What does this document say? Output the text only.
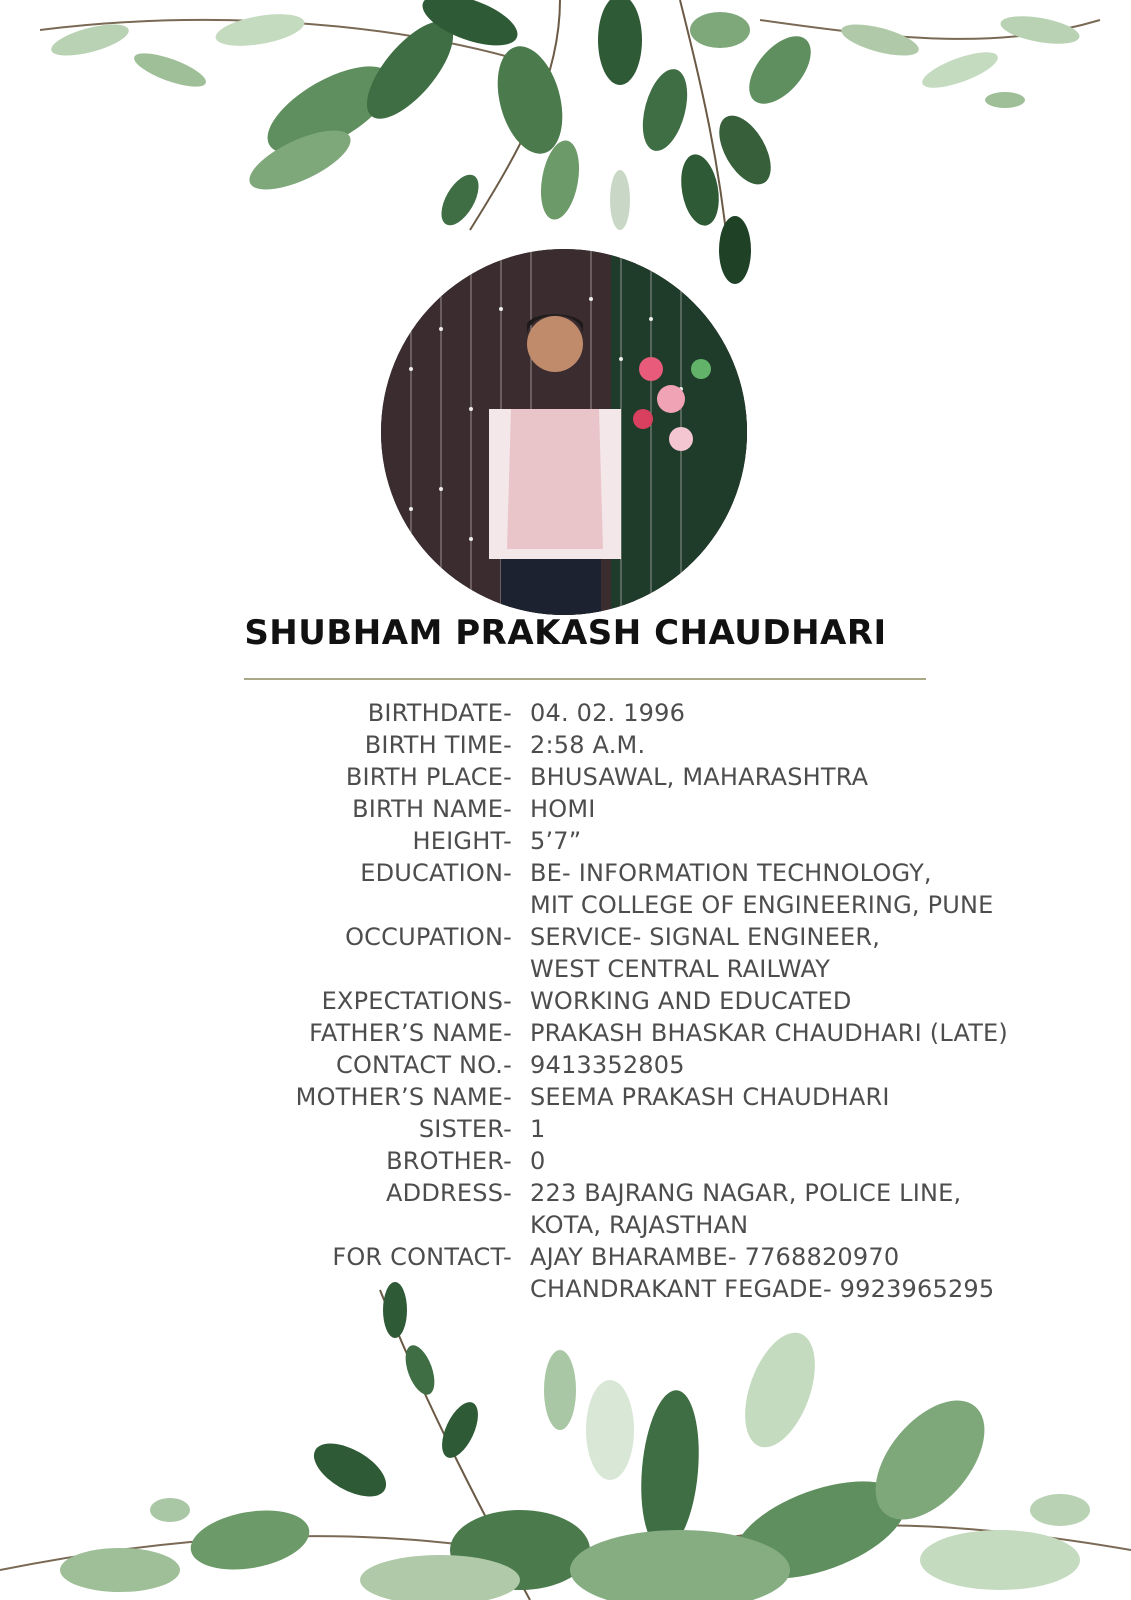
SHUBHAM PRAKASH CHAUDHARI
BIRTHDATE- 04. 02. 1996
BIRTH TIME- 2:58 A.M.
BIRTH PLACE- BHUSAWAL, MAHARASHTRA
BIRTH NAME- HOMI
HEIGHT- 5’7”
EDUCATION- BE- INFORMATION TECHNOLOGY,
MIT COLLEGE OF ENGINEERING, PUNE
OCCUPATION- SERVICE- SIGNAL ENGINEER,
WEST CENTRAL RAILWAY
EXPECTATIONS- WORKING AND EDUCATED
FATHER’S NAME- PRAKASH BHASKAR CHAUDHARI (LATE)
CONTACT NO.- 9413352805
MOTHER’S NAME- SEEMA PRAKASH CHAUDHARI
SISTER- 1
BROTHER- 0
ADDRESS- 223 BAJRANG NAGAR, POLICE LINE,
KOTA, RAJASTHAN
FOR CONTACT- AJAY BHARAMBE- 7768820970
CHANDRAKANT FEGADE- 9923965295
